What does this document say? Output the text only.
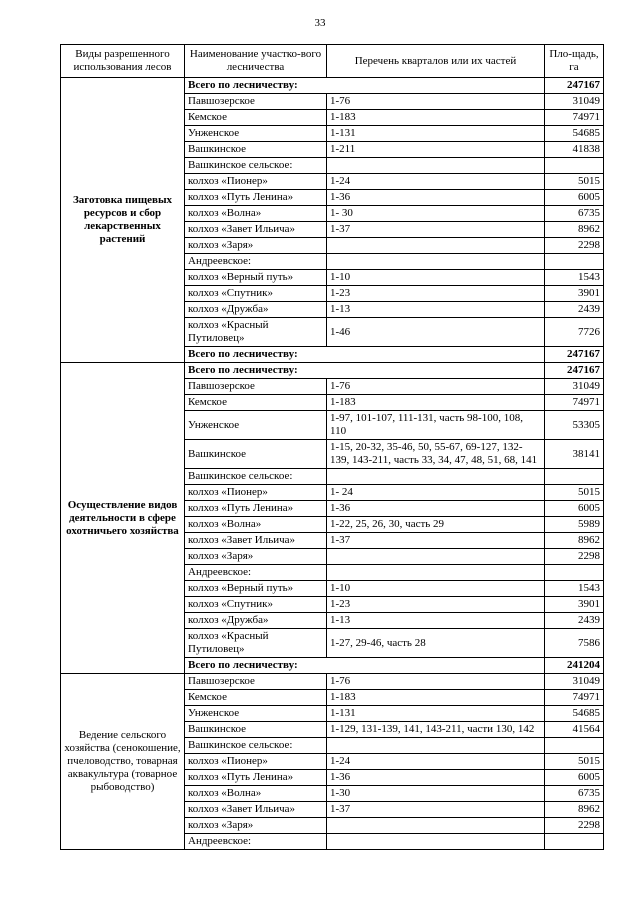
33
Виды разрешенного использования лесов	Наименование участко-вого лесничества	Перечень кварталов или их частей	Пло-щадь, га
Заготовка пищевых ресурсов и сбор лекарственных растений	Всего по лесничеству:		247167
	Павшозерское	1-76	31049
	Кемское	1-183	74971
	Унженское	1-131	54685
	Вашкинское	1-211	41838
	Вашкинское сельское:		
	колхоз «Пионер»	1-24	5015
	колхоз «Путь Ленина»	1-36	6005
	колхоз «Волна»	1- 30	6735
	колхоз «Завет Ильича»	1-37	8962
	колхоз «Заря»		2298
	Андреевское:		
	колхоз «Верный путь»	1-10	1543
	колхоз «Спутник»	1-23	3901
	колхоз «Дружба»	1-13	2439
	колхоз «Красный Путиловец»	1-46	7726
	Всего по лесничеству:		247167
Осуществление видов деятельности в сфере охотничьего хозяйства	Всего по лесничеству:		247167
	Павшозерское	1-76	31049
	Кемское	1-183	74971
	Унженское	1-97, 101-107, 111-131, часть 98-100, 108, 110	53305
	Вашкинское	1-15, 20-32, 35-46, 50, 55-67, 69-127, 132-139, 143-211, часть 33, 34, 47, 48, 51, 68, 141	38141
	Вашкинское сельское:		
	колхоз «Пионер»	1- 24	5015
	колхоз «Путь Ленина»	1-36	6005
	колхоз «Волна»	1-22, 25, 26, 30, часть 29	5989
	колхоз «Завет Ильича»	1-37	8962
	колхоз «Заря»		2298
	Андреевское:		
	колхоз «Верный путь»	1-10	1543
	колхоз «Спутник»	1-23	3901
	колхоз «Дружба»	1-13	2439
	колхоз «Красный Путиловец»	1-27, 29-46, часть 28	7586
	Всего по лесничеству:		241204
Ведение сельского хозяйства (сенокошение, пчеловодство, товарная аквакультура (товарное рыбоводство)	Павшозерское	1-76	31049
	Кемское	1-183	74971
	Унженское	1-131	54685
	Вашкинское	1-129, 131-139, 141, 143-211, части 130, 142	41564
	Вашкинское сельское:		
	колхоз «Пионер»	1-24	5015
	колхоз «Путь Ленина»	1-36	6005
	колхоз «Волна»	1-30	6735
	колхоз «Завет Ильича»	1-37	8962
	колхоз «Заря»		2298
	Андреевское:		
